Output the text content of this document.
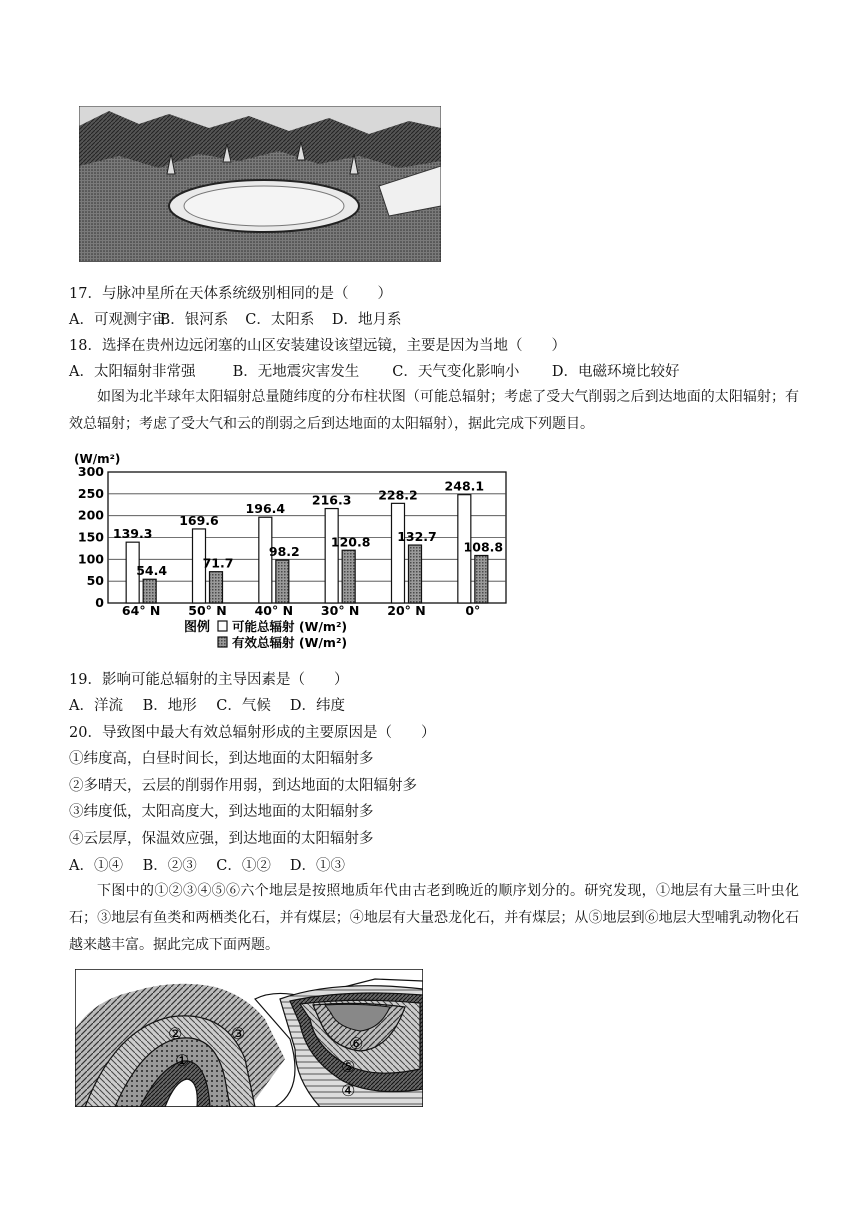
17．与脉冲星所在天体系统级别相同的是（　　）
A．可观测宇宙 B．银河系 C．太阳系 D．地月系
18．选择在贵州边远闭塞的山区安装建设该望远镜，主要是因为当地（　　）
A．太阳辐射非常强	B．无地震灾害发生 C．天气变化影响小 D．电磁环境比较好
如图为北半球年太阳辐射总量随纬度的分布柱状图（可能总辐射；考虑了受大气削弱之后到达地面的太阳辐射；有效总辐射；考虑了受大气和云的削弱之后到达地面的太阳辐射），据此完成下列题目。
(W/m²)
300
250
200
150
100
50
0
139.3
54.4
169.6
71.7
196.4
98.2
216.3
120.8
228.2
132.7
248.1
108.8
64° N 50° N 40° N 30° N 20° N	0°
图例 可能总辐射 (W/m²)
有效总辐射 (W/m²)
19．影响可能总辐射的主导因素是（　　）
A．洋流 B．地形 C．气候 D．纬度
20．导致图中最大有效总辐射形成的主要原因是（　　）
①纬度高，白昼时间长，到达地面的太阳辐射多
②多晴天，云层的削弱作用弱，到达地面的太阳辐射多
③纬度低，太阳高度大，到达地面的太阳辐射多
④云层厚，保温效应强，到达地面的太阳辐射多
A．①④ B．②③ C．①② D．①③
下图中的①②③④⑤⑥六个地层是按照地质年代由古老到晚近的顺序划分的。研究发现，①地层有大量三叶虫化石；③地层有鱼类和两栖类化石，并有煤层；④地层有大量恐龙化石，并有煤层；从⑤地层到⑥地层大型哺乳动物化石越来越丰富。据此完成下面两题。
①
②	③
④
⑤
⑥
